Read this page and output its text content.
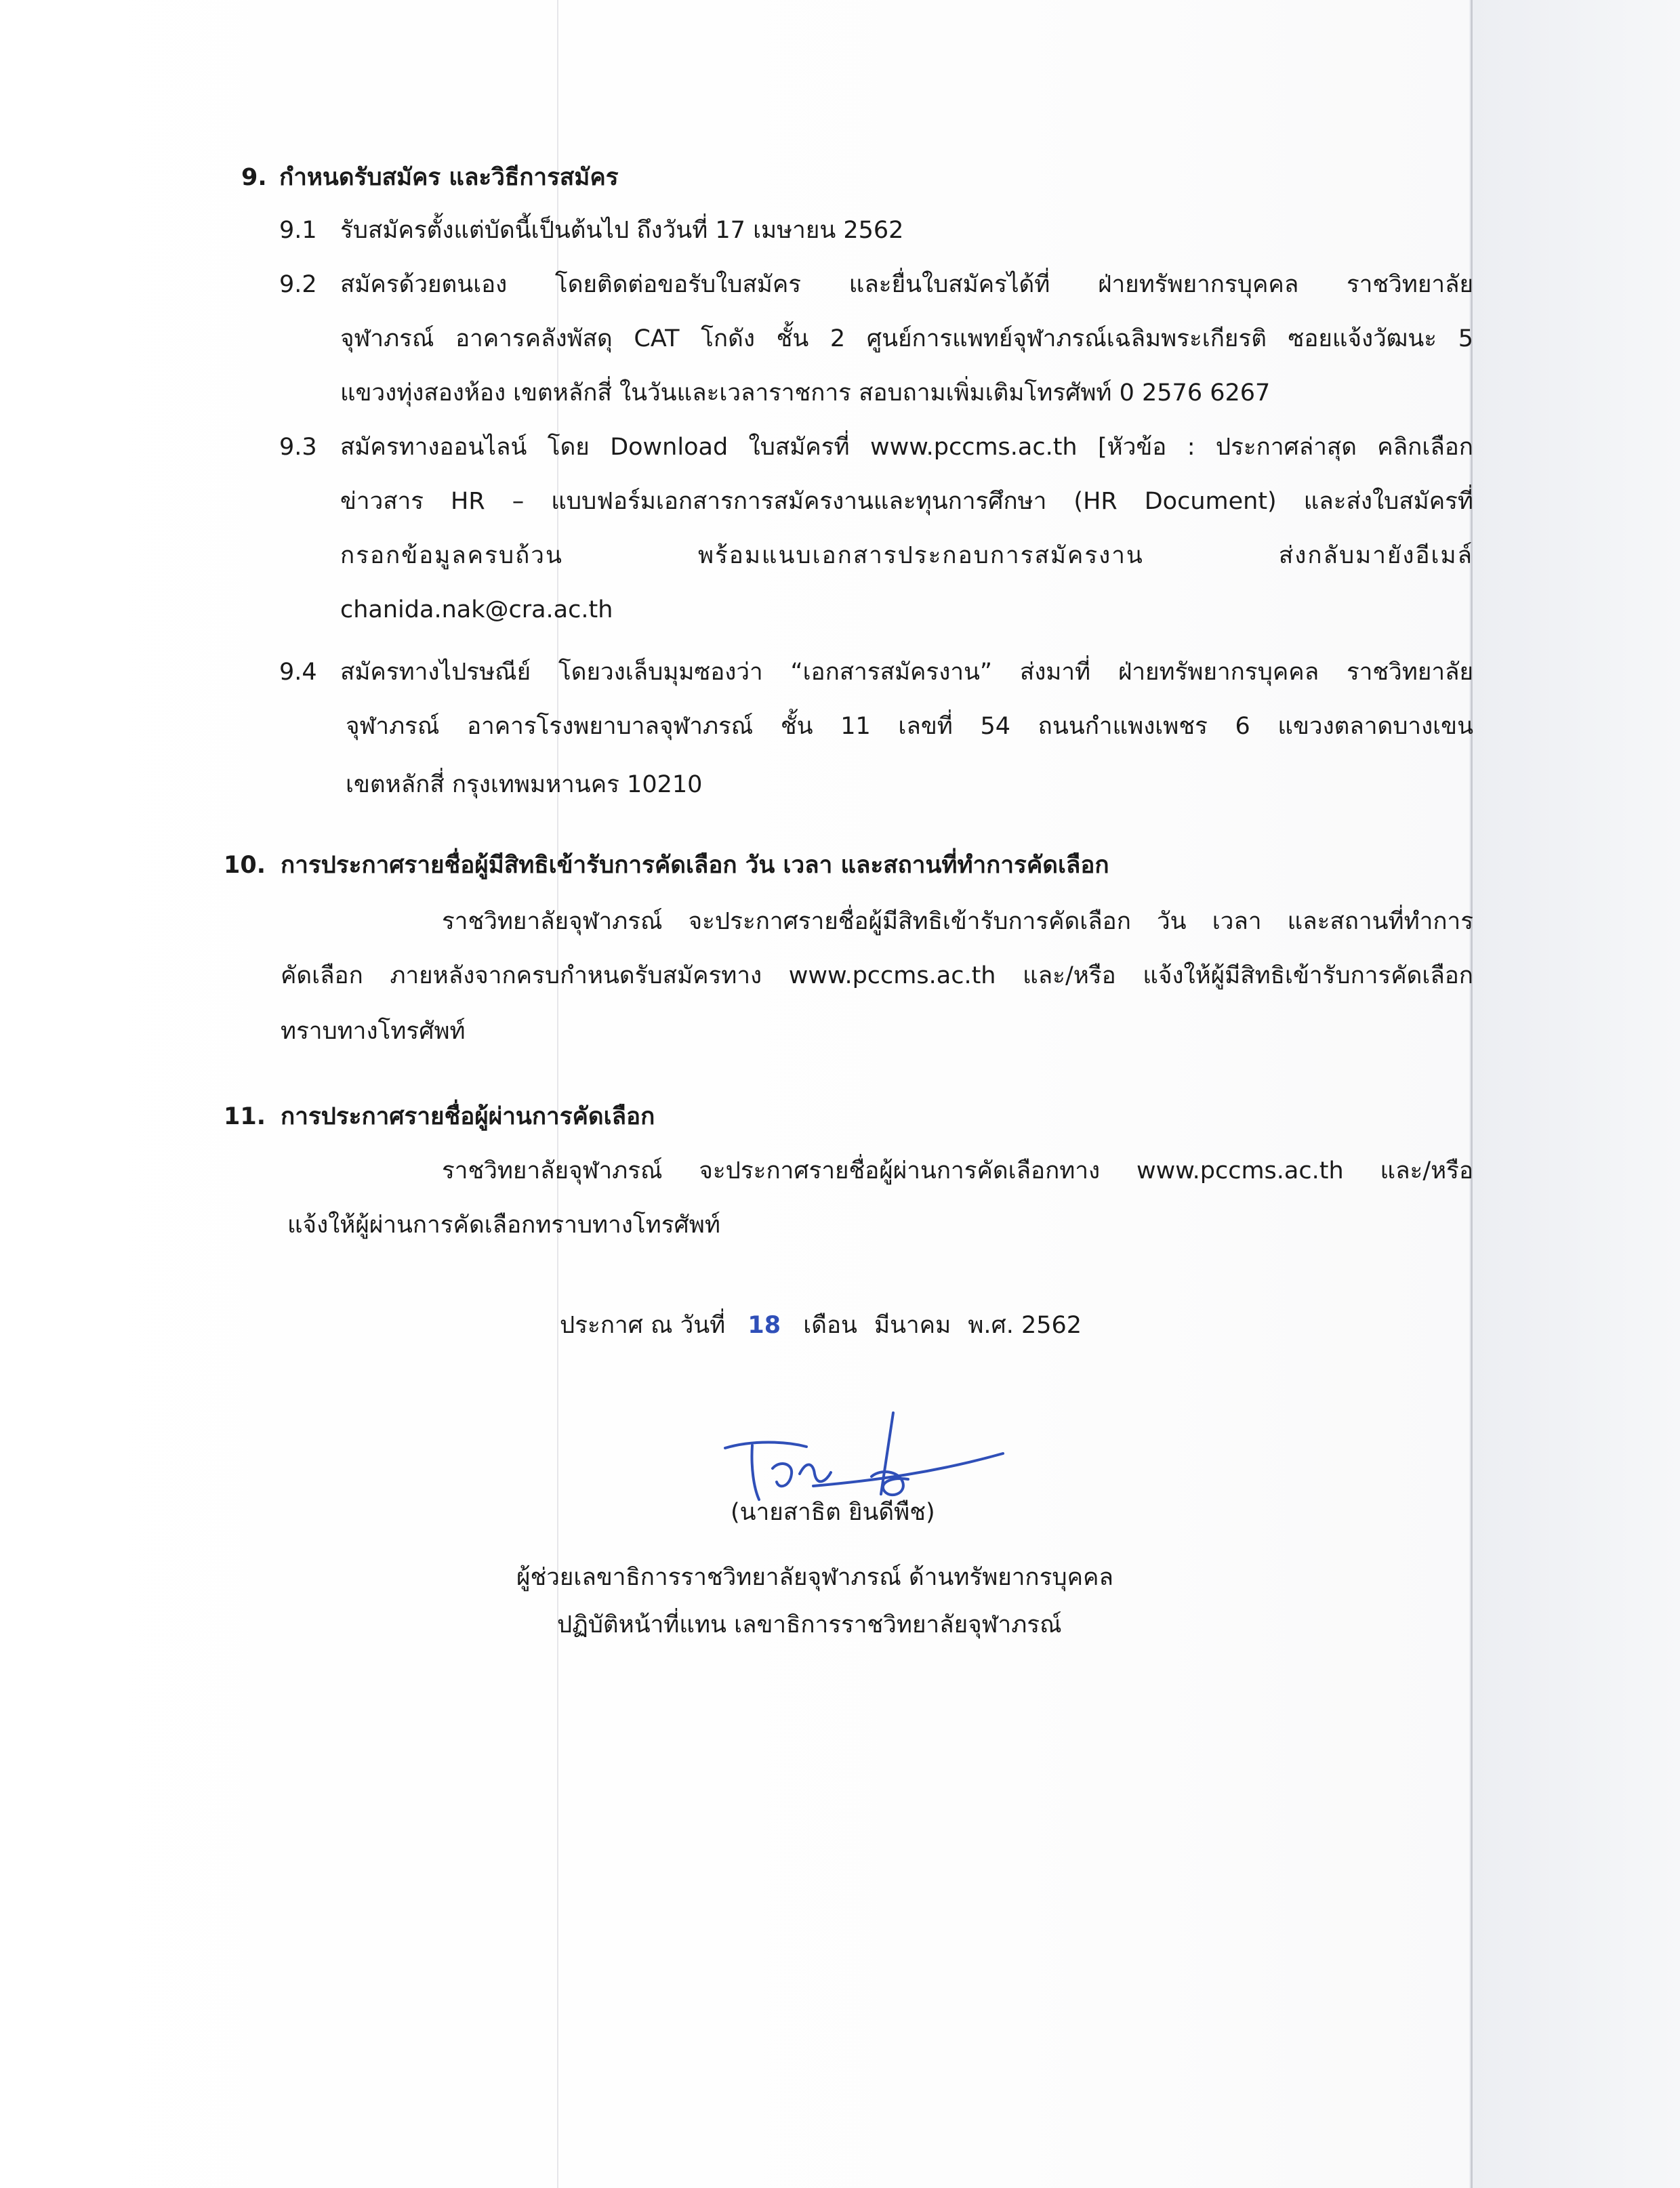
9. กำหนดรับสมัคร และวิธีการสมัคร
9.1 รับสมัครตั้งแต่บัดนี้เป็นต้นไป ถึงวันที่ 17 เมษายน 2562
9.2 สมัครด้วยตนเอง โดยติดต่อขอรับใบสมัคร และยื่นใบสมัครได้ที่ ฝ่ายทรัพยากรบุคคล ราชวิทยาลัย
จุฬาภรณ์ อาคารคลังพัสดุ CAT โกดัง ชั้น 2 ศูนย์การแพทย์จุฬาภรณ์เฉลิมพระเกียรติ ซอยแจ้งวัฒนะ 5
แขวงทุ่งสองห้อง เขตหลักสี่ ในวันและเวลาราชการ สอบถามเพิ่มเติมโทรศัพท์ 0 2576 6267
9.3 สมัครทางออนไลน์ โดย Download ใบสมัครที่ www.pccms.ac.th [หัวข้อ : ประกาศล่าสุด คลิกเลือก
ข่าวสาร HR – แบบฟอร์มเอกสารการสมัครงานและทุนการศึกษา (HR Document) และส่งใบสมัครที่
กรอกข้อมูลครบถ้วน พร้อมแนบเอกสารประกอบการสมัครงาน ส่งกลับมายังอีเมล์
chanida.nak@cra.ac.th
9.4 สมัครทางไปรษณีย์ โดยวงเล็บมุมซองว่า “เอกสารสมัครงาน” ส่งมาที่ ฝ่ายทรัพยากรบุคคล ราชวิทยาลัย
จุฬาภรณ์ อาคารโรงพยาบาลจุฬาภรณ์ ชั้น 11 เลขที่ 54 ถนนกำแพงเพชร 6 แขวงตลาดบางเขน
เขตหลักสี่ กรุงเทพมหานคร 10210
10. การประกาศรายชื่อผู้มีสิทธิเข้ารับการคัดเลือก วัน เวลา และสถานที่ทำการคัดเลือก
ราชวิทยาลัยจุฬาภรณ์ จะประกาศรายชื่อผู้มีสิทธิเข้ารับการคัดเลือก วัน เวลา และสถานที่ทำการ
คัดเลือก ภายหลังจากครบกำหนดรับสมัครทาง www.pccms.ac.th และ/หรือ แจ้งให้ผู้มีสิทธิเข้ารับการคัดเลือก
ทราบทางโทรศัพท์
11. การประกาศรายชื่อผู้ผ่านการคัดเลือก
ราชวิทยาลัยจุฬาภรณ์ จะประกาศรายชื่อผู้ผ่านการคัดเลือกทาง www.pccms.ac.th และ/หรือ
แจ้งให้ผู้ผ่านการคัดเลือกทราบทางโทรศัพท์
ประกาศ ณ วันที่ 18 เดือน มีนาคม พ.ศ. 2562
(นายสาธิต ยินดีพืช)
ผู้ช่วยเลขาธิการราชวิทยาลัยจุฬาภรณ์ ด้านทรัพยากรบุคคล
ปฏิบัติหน้าที่แทน เลขาธิการราชวิทยาลัยจุฬาภรณ์
